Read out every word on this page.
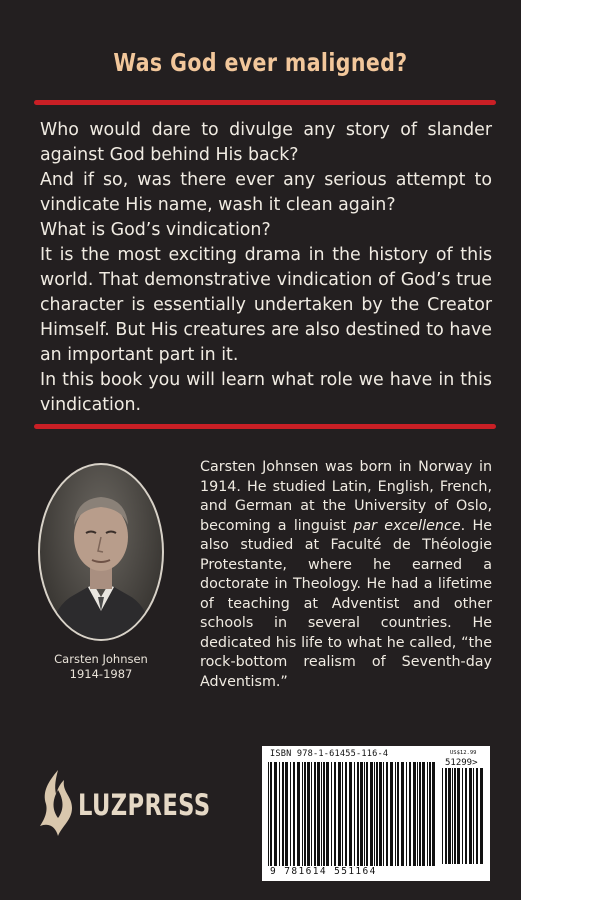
Was God ever maligned?

Who would dare to divulge any story of slander against God behind His back?

And if so, was there ever any serious attempt to vindicate His name, wash it clean again?

What is God’s vindication?

It is the most exciting drama in the history of this world. That demonstrative vindication of God’s true character is essentially undertaken by the Creator Himself. But His creatures are also destined to have an important part in it.

In this book you will learn what role we have in this vindication.

Carsten Johnsen
1914-1987
Carsten Johnsen was born in Norway in 1914. He studied Latin, English, French, and German at the University of Oslo, becoming a linguist par excellence. He also studied at Faculté de Théologie Protestante, where he earned a doctorate in Theology. He had a lifetime of teaching at Adventist and other schools in several countries. He dedicated his life to what he called, “the rock-bottom realism of Seventh-day Adventism.”
LUZPRESS
ISBN 978-1-61455-116-4	US$12.99
51299>
9 781614 551164
